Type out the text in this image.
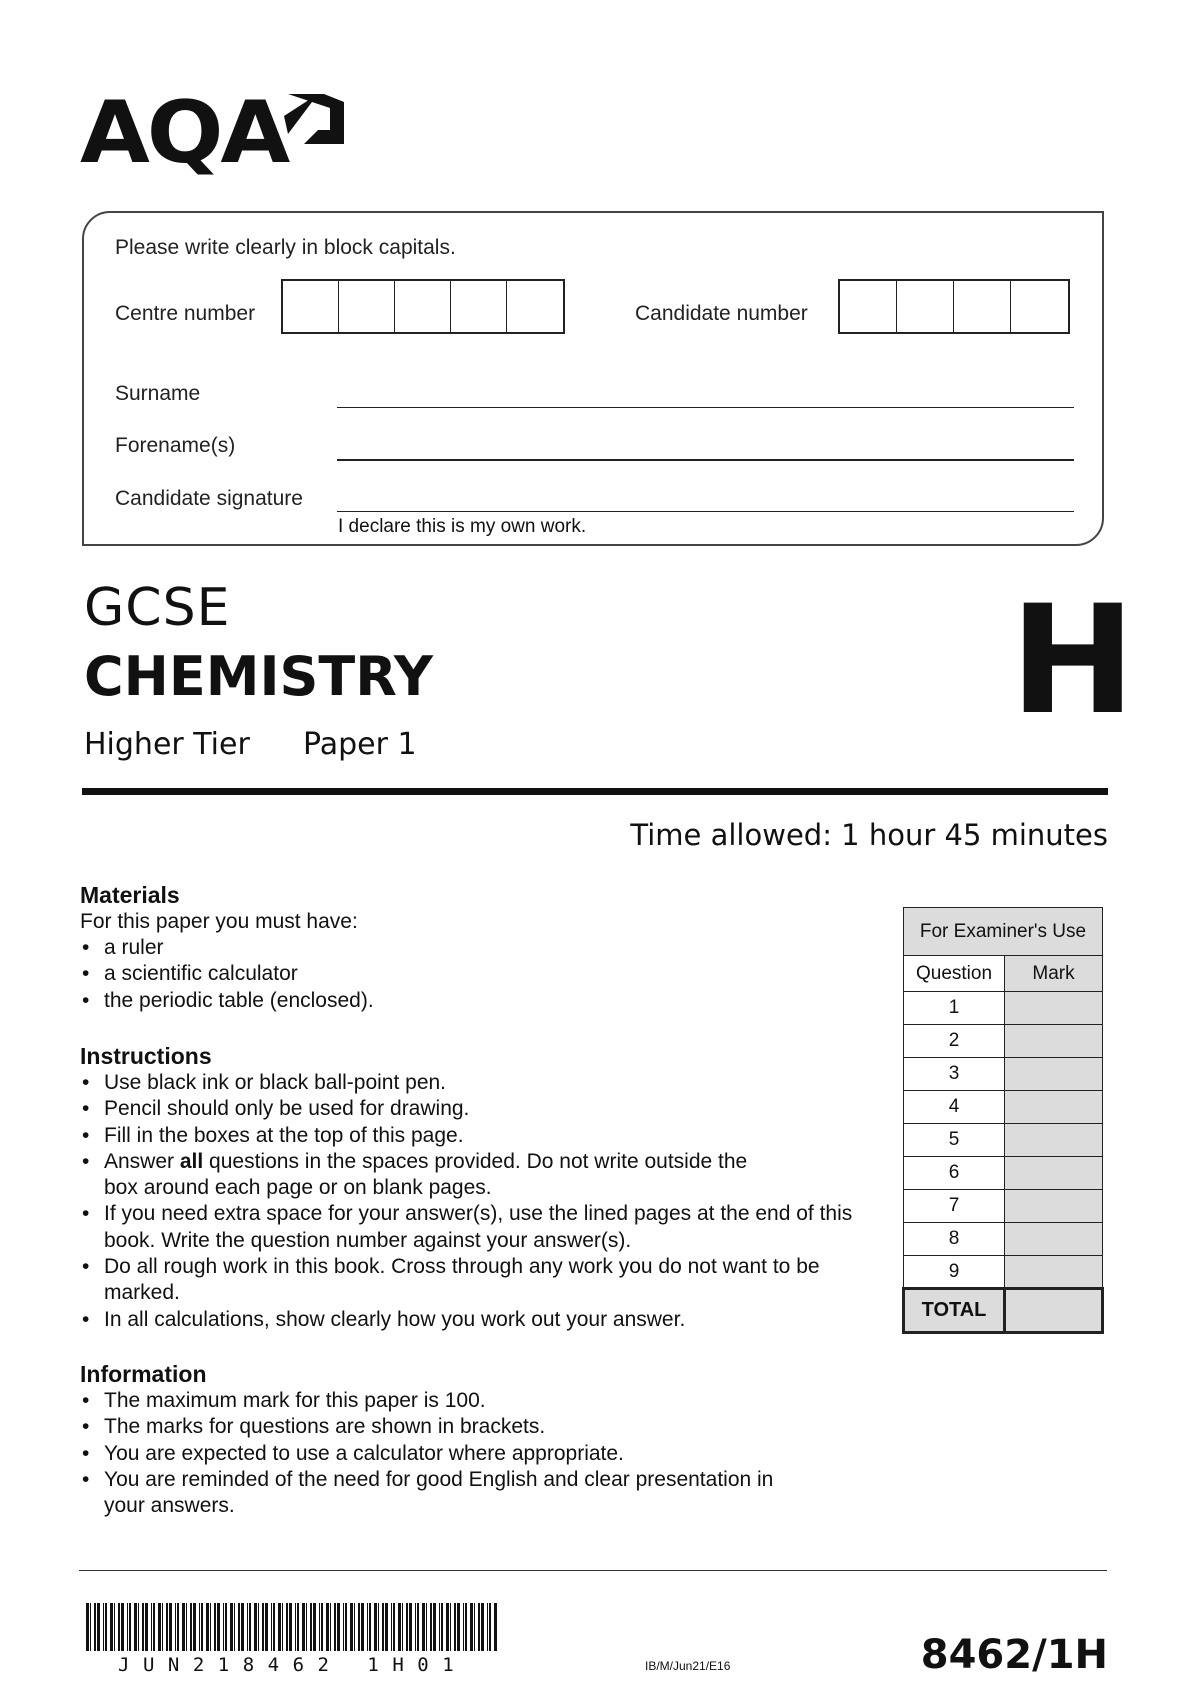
AQA
Please write clearly in block capitals.
Centre number	Candidate number
Surname
Forename(s)
Candidate signature
I declare this is my own work.
GCSE
CHEMISTRY
Higher Tier Paper 1	H
Time allowed: 1 hour 45 minutes
Materials

For this paper you must have:

• a ruler
• a scientific calculator
• the periodic table (enclosed).
Instructions
• Use black ink or black ball-point pen.
• Pencil should only be used for drawing.
• Fill in the boxes at the top of this page.
• Answer all questions in the spaces provided. Do not write outside the box around each page or on blank pages.
• If you need extra space for your answer(s), use the lined pages at the end of this book. Write the question number against your answer(s).
• Do all rough work in this book. Cross through any work you do not want to be marked.
• In all calculations, show clearly how you work out your answer.
Information
• The maximum mark for this paper is 100.
• The marks for questions are shown in brackets.
• You are expected to use a calculator where appropriate.
• You are reminded of the need for good English and clear presentation in your answers.
For Examiner's Use	
Question	Mark
1	
2	
3	
4	
5	
6	
7	
8	
9	
TOTAL	
JUN218462 1H01	IB/M/Jun21/E16	8462/1H
